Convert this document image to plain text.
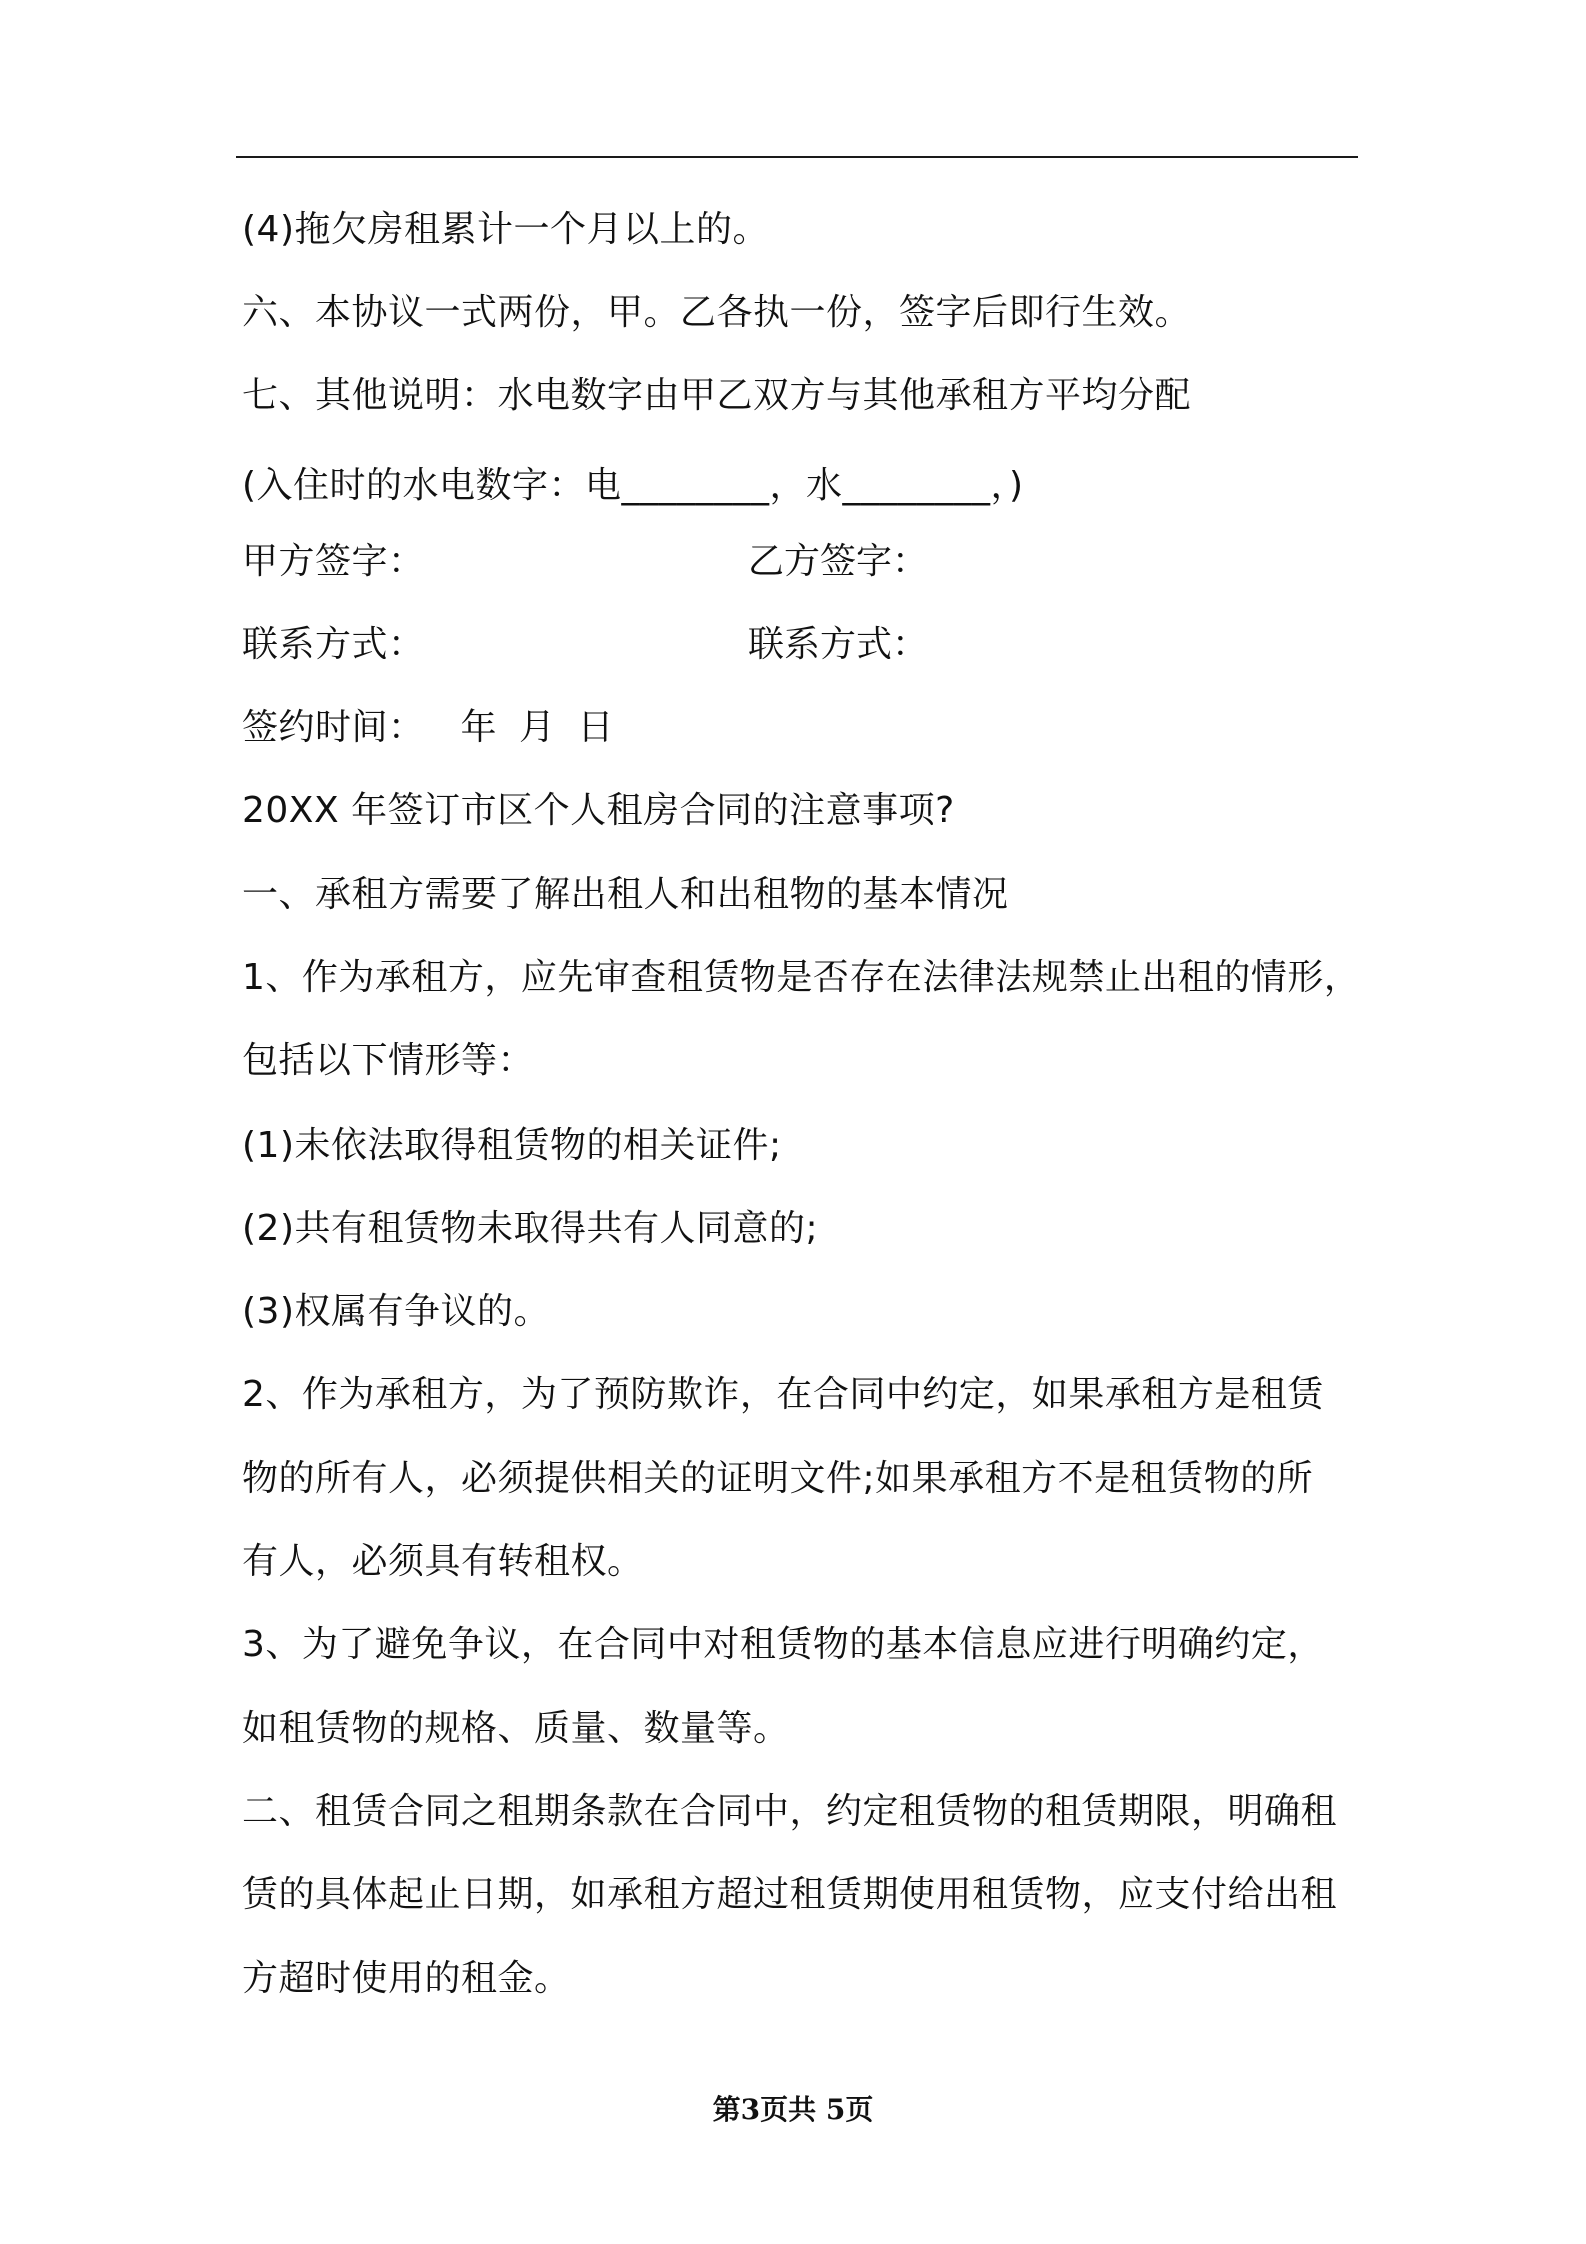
(4)拖欠房租累计一个月以上的。
六、本协议一式两份，甲。乙各执一份，签字后即行生效。
七、其他说明：水电数字由甲乙双方与其他承租方平均分配
(入住时的水电数字：电________，水________，)
甲方签字：	乙方签字：
联系方式：	联系方式：
签约时间： 年 月 日
20XX 年签订市区个人租房合同的注意事项?
一、承租方需要了解出租人和出租物的基本情况
1、作为承租方，应先审查租赁物是否存在法律法规禁止出租的情形，
包括以下情形等：
(1)未依法取得租赁物的相关证件;
(2)共有租赁物未取得共有人同意的;
(3)权属有争议的。
2、作为承租方，为了预防欺诈，在合同中约定，如果承租方是租赁
物的所有人，必须提供相关的证明文件;如果承租方不是租赁物的所
有人，必须具有转租权。
3、为了避免争议，在合同中对租赁物的基本信息应进行明确约定，
如租赁物的规格、质量、数量等。
二、租赁合同之租期条款在合同中，约定租赁物的租赁期限，明确租
赁的具体起止日期，如承租方超过租赁期使用租赁物，应支付给出租
方超时使用的租金。
第3页共 5页
